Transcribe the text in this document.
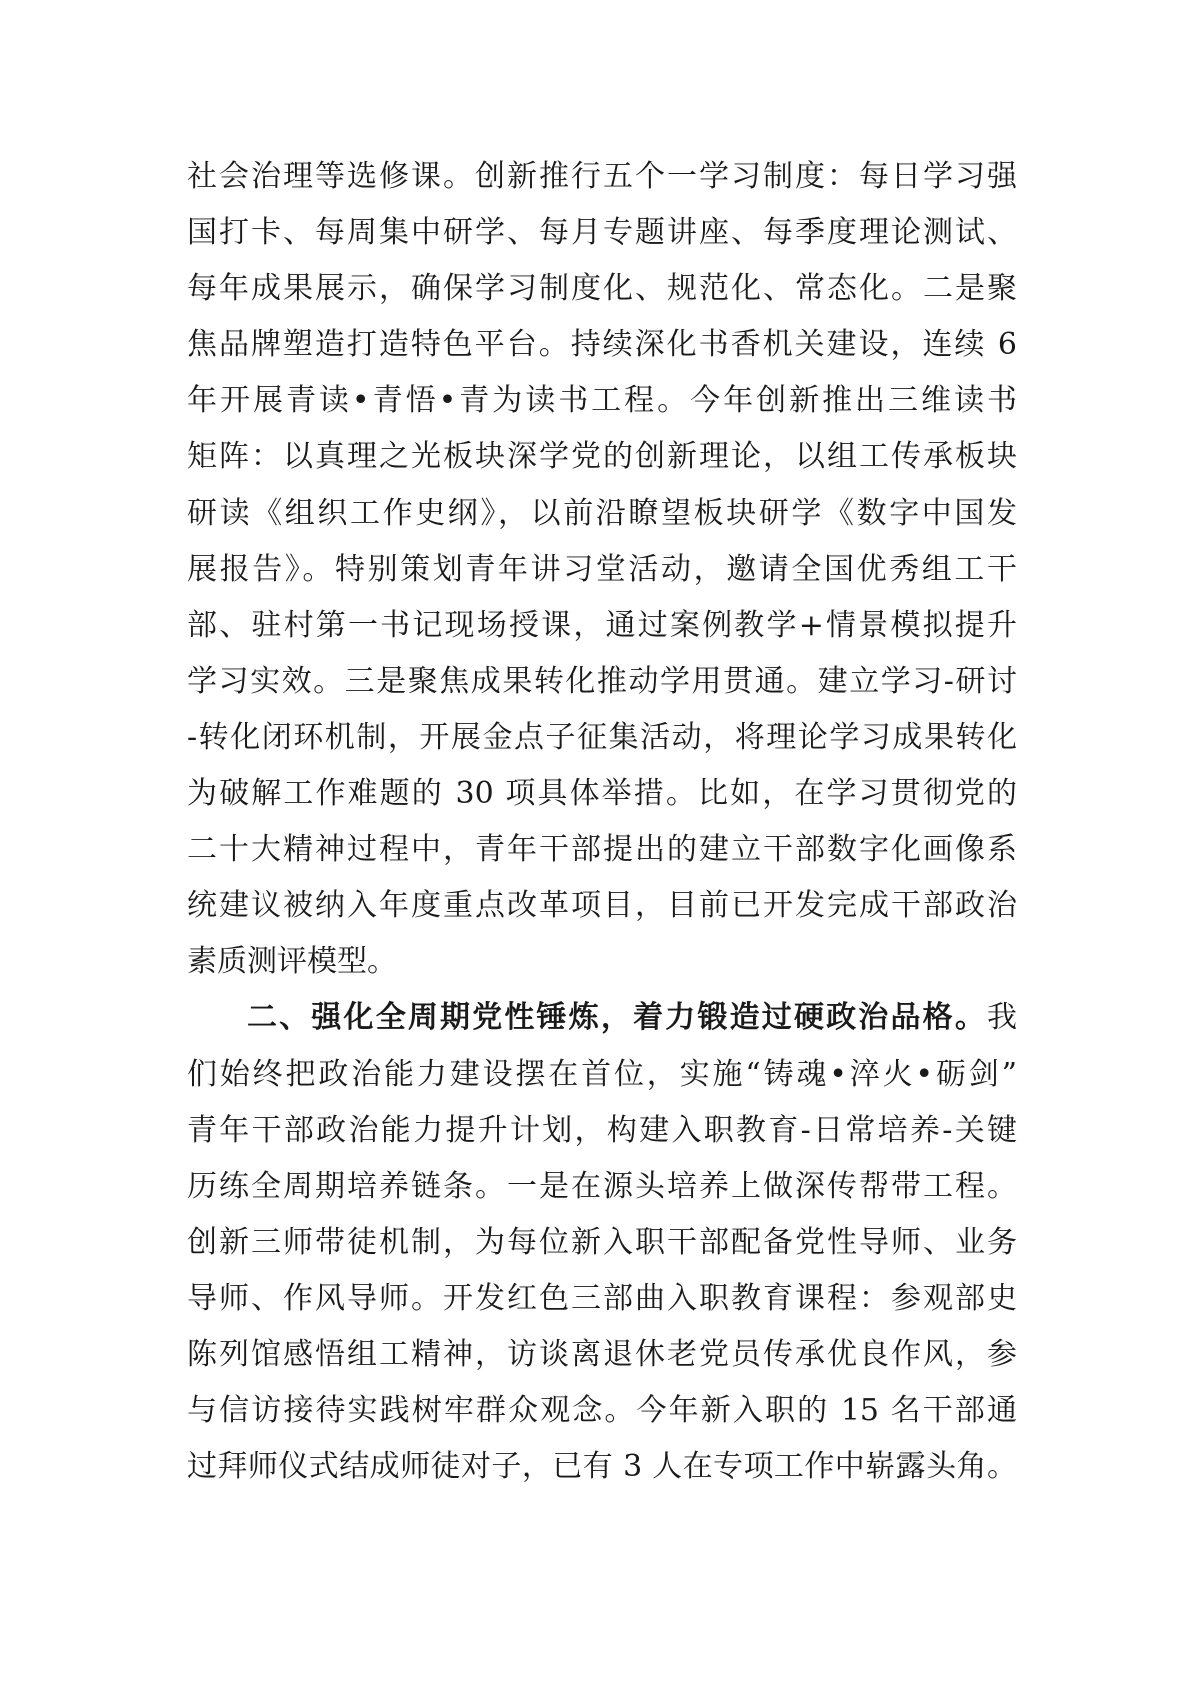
社会治理等选修课。创新推行五个一学习制度：每日学习强
国打卡、每周集中研学、每月专题讲座、每季度理论测试、
每年成果展示，确保学习制度化、规范化、常态化。二是聚
焦品牌塑造打造特色平台。持续深化书香机关建设，连续 6
年开展青读•青悟•青为读书工程。今年创新推出三维读书
矩阵：以真理之光板块深学党的创新理论，以组工传承板块
研读《组织工作史纲》，以前沿瞭望板块研学《数字中国发
展报告》。特别策划青年讲习堂活动，邀请全国优秀组工干
部、驻村第一书记现场授课，通过案例教学+情景模拟提升
学习实效。三是聚焦成果转化推动学用贯通。建立学习-研讨
-转化闭环机制，开展金点子征集活动，将理论学习成果转化
为破解工作难题的 30 项具体举措。比如，在学习贯彻党的
二十大精神过程中，青年干部提出的建立干部数字化画像系
统建议被纳入年度重点改革项目，目前已开发完成干部政治
素质测评模型。
二、强化全周期党性锤炼，着力锻造过硬政治品格。我
们始终把政治能力建设摆在首位，实施“铸魂•淬火•砺剑”
青年干部政治能力提升计划，构建入职教育-日常培养-关键
历练全周期培养链条。一是在源头培养上做深传帮带工程。
创新三师带徒机制，为每位新入职干部配备党性导师、业务
导师、作风导师。开发红色三部曲入职教育课程：参观部史
陈列馆感悟组工精神，访谈离退休老党员传承优良作风，参
与信访接待实践树牢群众观念。今年新入职的 15 名干部通
过拜师仪式结成师徒对子，已有 3 人在专项工作中崭露头角。
